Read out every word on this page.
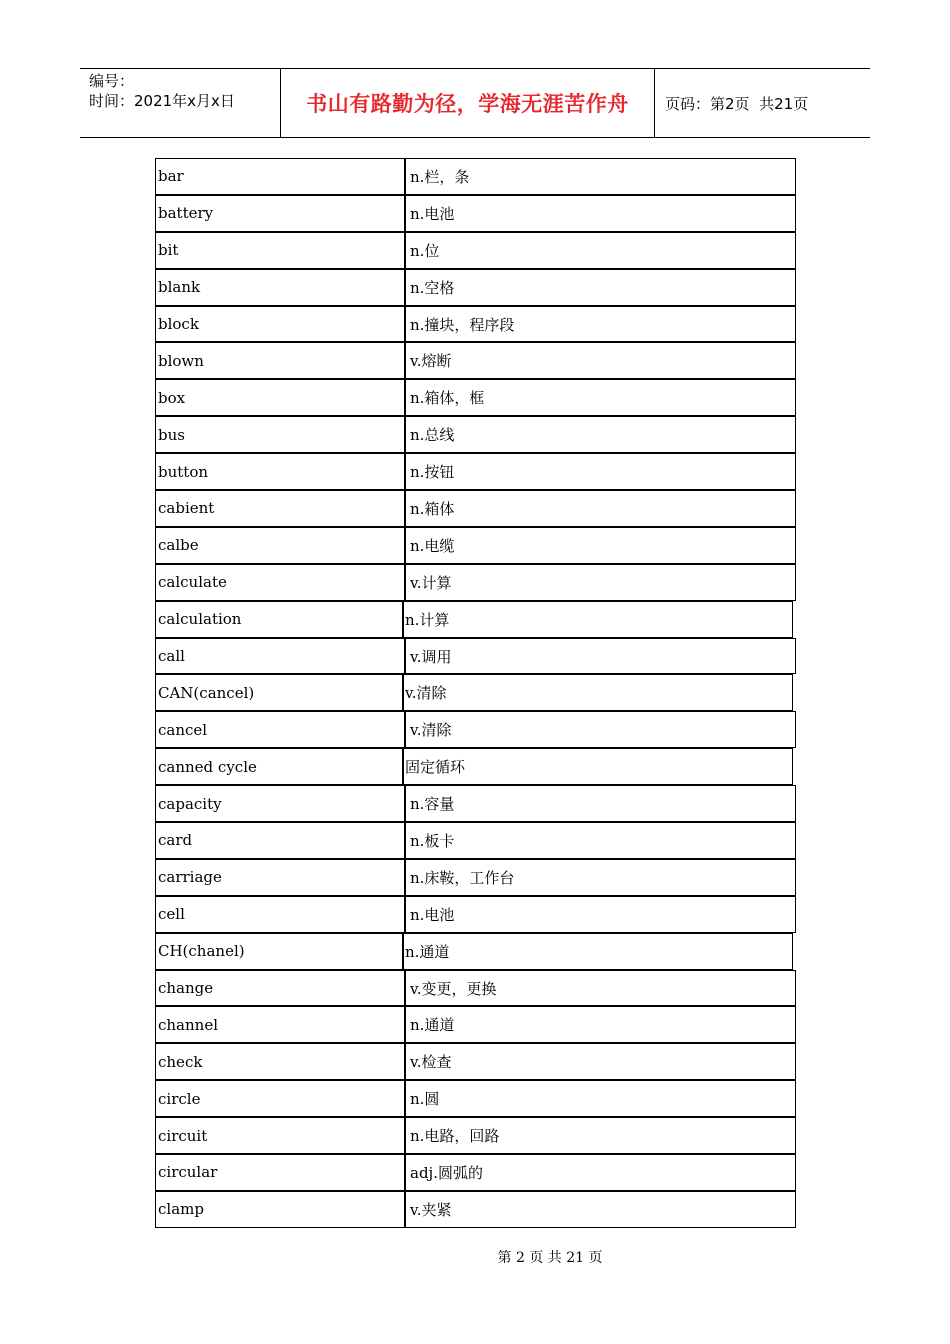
编号：
时间：2021年x月x日	书山有路勤为径，学海无涯苦作舟	页码：第2页  共21页
bar	n.栏，条
battery	n.电池
bit	n.位
blank	n.空格
block	n.撞块，程序段
blown	v.熔断
box	n.箱体，框
bus	n.总线
button	n.按钮
cabient	n.箱体
calbe	n.电缆
calculate	v.计算
calculation	n.计算
call	v.调用
CAN(cancel)	v.清除
cancel	v.清除
canned cycle	固定循环
capacity	n.容量
card	n.板卡
carriage	n.床鞍，工作台
cell	n.电池
CH(chanel)	n.通道
change	v.变更，更换
channel	n.通道
check	v.检查
circle	n.圆
circuit	n.电路，回路
circular	adj.圆弧的
clamp	v.夹紧
第 2 页 共 21 页
